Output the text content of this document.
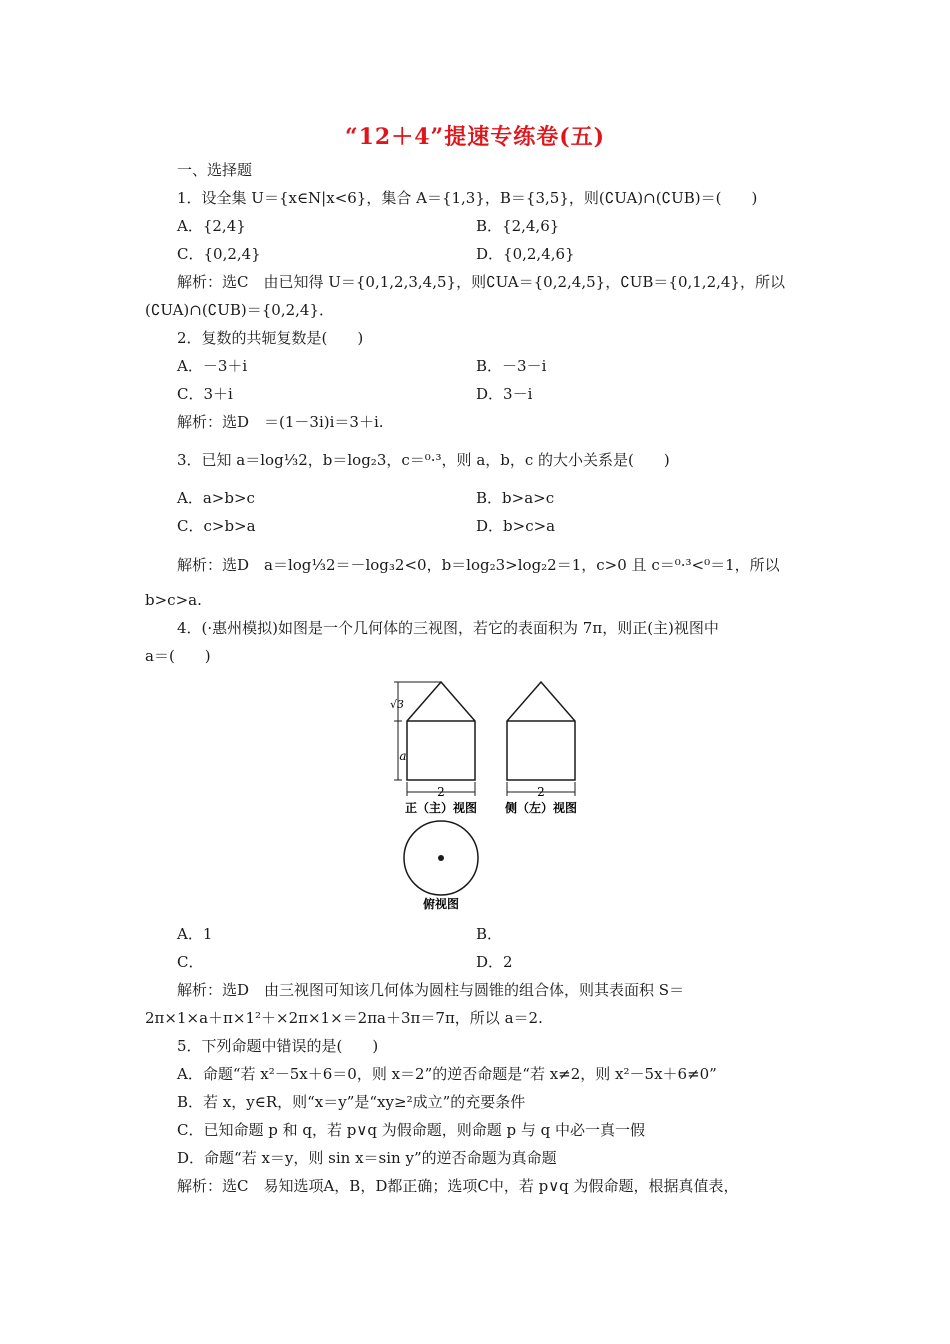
“12＋4”提速专练卷(五)
一、选择题
1．设全集 U＝{x∈N|x<6}，集合 A＝{1,3}，B＝{3,5}，则(∁UA)∩(∁UB)＝(　　)
A．{2,4}	B．{2,4,6}
C．{0,2,4}	D．{0,2,4,6}
解析：选C　由已知得 U＝{0,1,2,3,4,5}，则∁UA＝{0,2,4,5}，∁UB＝{0,1,2,4}，所以
(∁UA)∩(∁UB)＝{0,2,4}．
2．复数的共轭复数是(　　)
A．－3＋i	B．－3－i
C．3＋i	D．3－i
解析：选D　＝(1－3i)i＝3＋i.
3．已知 a＝log⅓2，b＝log₂3，c＝⁰·³，则 a，b，c 的大小关系是(　　)
A．a>b>c	B．b>a>c
C．c>b>a	D．b>c>a
解析：选D　a＝log⅓2＝－log₃2<0，b＝log₂3>log₂2＝1，c>0 且 c＝⁰·³<⁰＝1，所以
b>c>a.
4．(·惠州模拟)如图是一个几何体的三视图，若它的表面积为 7π，则正(主)视图中
a＝(　　)
√3
a
2	2
正（主）视图 侧（左）视图
俯视图
A．1	B．
C．	D．2
解析：选D　由三视图可知该几何体为圆柱与圆锥的组合体，则其表面积 S＝
2π×1×a＋π×1²＋×2π×1×＝2πa＋3π＝7π，所以 a＝2.
5．下列命题中错误的是(　　)
A．命题“若 x²－5x＋6＝0，则 x＝2”的逆否命题是“若 x≠2，则 x²－5x＋6≠0”
B．若 x，y∈R，则“x＝y”是“xy≥²成立”的充要条件
C．已知命题 p 和 q，若 p∨q 为假命题，则命题 p 与 q 中必一真一假
D．命题“若 x＝y，则 sin x＝sin y”的逆否命题为真命题
解析：选C　易知选项A，B，D都正确；选项C中，若 p∨q 为假命题，根据真值表，
